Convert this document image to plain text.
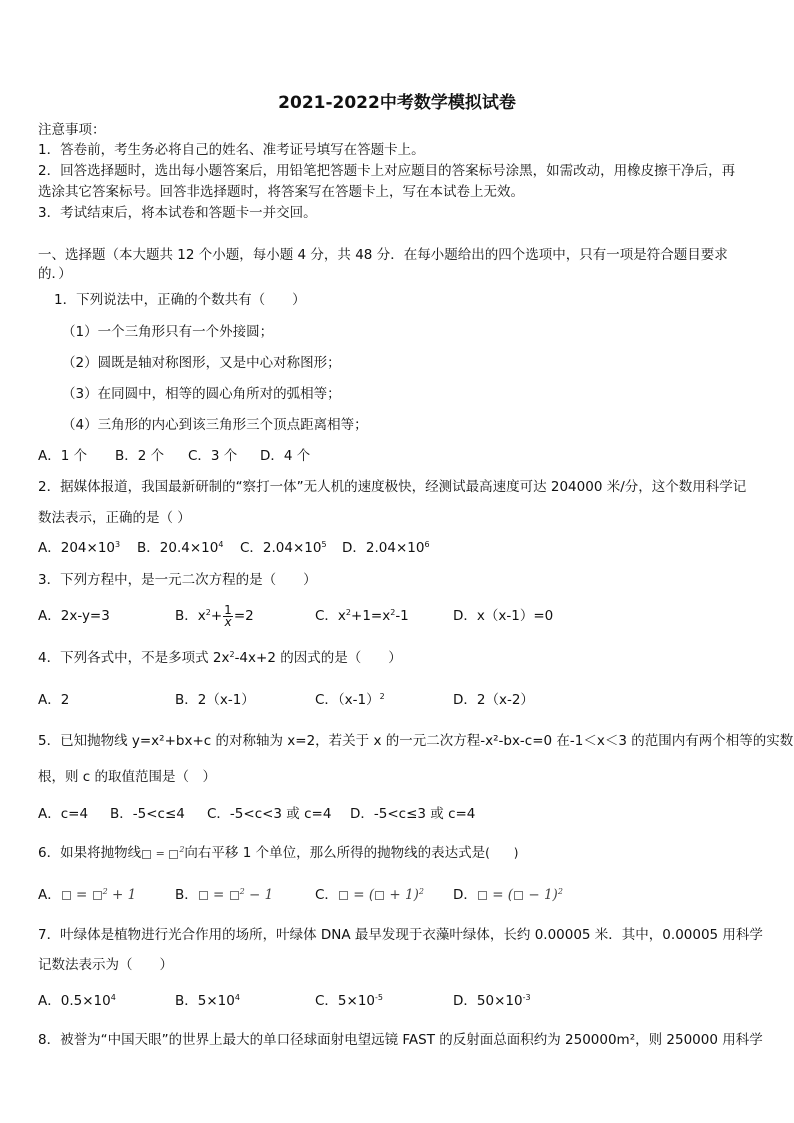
2021-2022中考数学模拟试卷
注意事项：
1．答卷前，考生务必将自己的姓名、准考证号填写在答题卡上。
2．回答选择题时，选出每小题答案后，用铅笔把答题卡上对应题目的答案标号涂黑，如需改动，用橡皮擦干净后，再
选涂其它答案标号。回答非选择题时，将答案写在答题卡上，写在本试卷上无效。
3．考试结束后，将本试卷和答题卡一并交回。
一、选择题（本大题共 12 个小题，每小题 4 分，共 48 分．在每小题给出的四个选项中，只有一项是符合题目要求
的．）
1．下列说法中，正确的个数共有（　　）
（1）一个三角形只有一个外接圆；
（2）圆既是轴对称图形，又是中心对称图形；
（3）在同圆中，相等的圆心角所对的弧相等；
（4）三角形的内心到该三角形三个顶点距离相等；
A．1 个 B．2 个 C．3 个 D．4 个
2．据媒体报道，我国最新研制的“察打一体”无人机的速度极快，经测试最高速度可达 204000 米/分，这个数用科学记
数法表示，正确的是（ ）
A．$204\times 10^3$ B．$20.4\times 10^4$ C．$2.04\times 10^5$ D．$2.04\times 10^6$
3．下列方程中，是一元二次方程的是（　　）
A．2x-y=3	B．$x^2+ \frac{1}{x} =2$	C．$x^2+1=x^2-1$	D．x（x-1）=0
4．下列各式中，不是多项式 $2x^2-4x+2$ 的因式的是（　　）
A．2	B．2（x-1）	C．$(x-1)^2$	D．2（x-2）
5．已知抛物线 y=x²+bx+c 的对称轴为 x=2，若关于 x 的一元二次方程-x²-bx-c=0 在-1＜x＜3 的范围内有两个相等的实数
根，则 c 的取值范围是（　）
A．c=4 B．-5<c≤4 C．-5<c<3 或 c=4 D．-5<c≤3 或 c=4
6．如果将抛物线 = $^2$向右平移 1 个单位，那么所得的抛物线的表达式是(　　)
A． = $^2$ + 1	B． = $^2$ − 1	C． = ( + 1)$^2$ D． = ( − 1)$^2$
7．叶绿体是植物进行光合作用的场所，叶绿体 DNA 最早发现于衣藻叶绿体，长约 0.00005 米．其中，0.00005 用科学
记数法表示为（　　）
A．$0.5\times 10^4$	B．$5\times 10^4$	C．$5\times 10^{-5}$	D．$50\times 10^{-3}$
8．被誉为“中国天眼”的世界上最大的单口径球面射电望远镜 FAST 的反射面总面积约为 250000m²，则 250000 用科学
